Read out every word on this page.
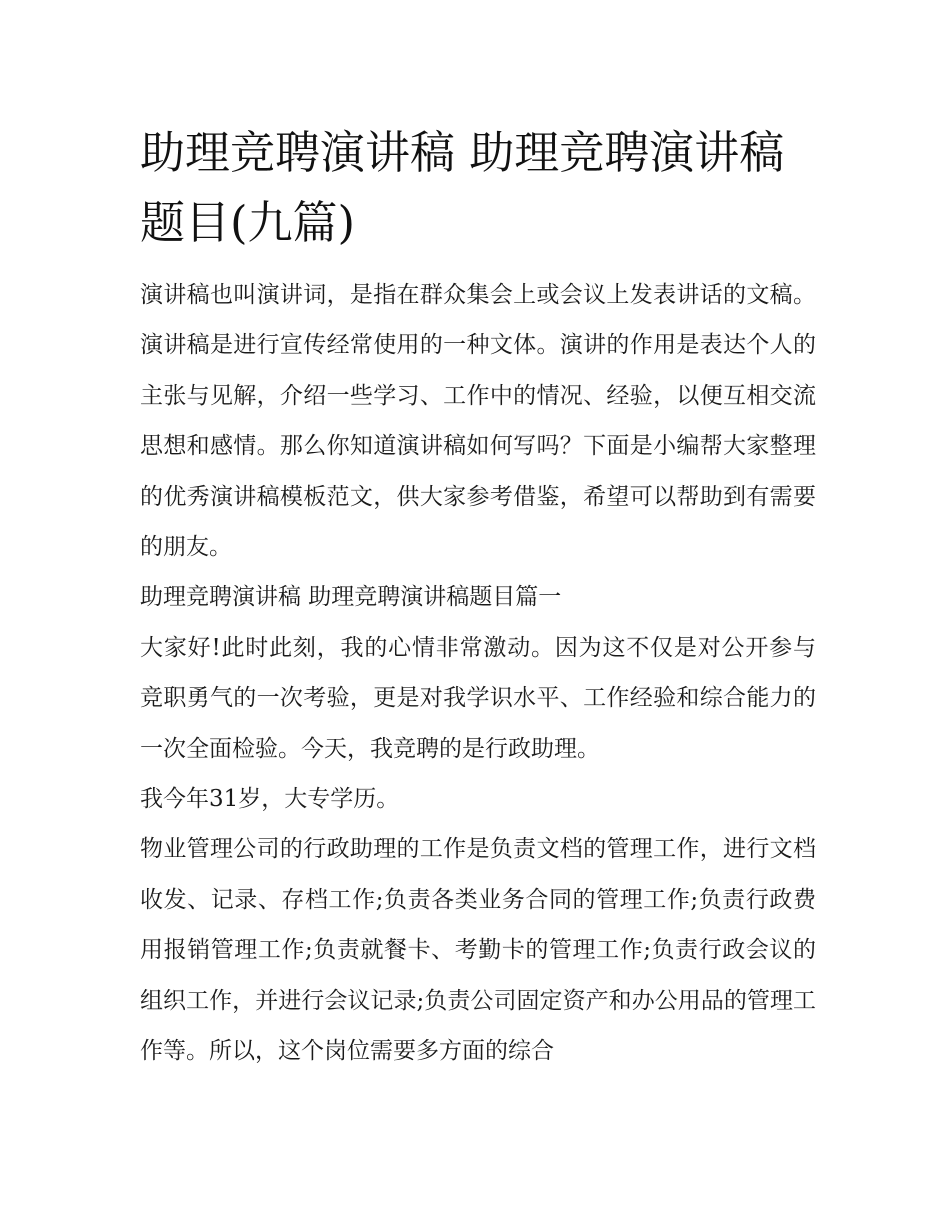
助理竞聘演讲稿 助理竞聘演讲稿题目(九篇)

演讲稿也叫演讲词，是指在群众集会上或会议上发表讲话的文稿。演讲稿是进行宣传经常使用的一种文体。演讲的作用是表达个人的主张与见解，介绍一些学习、工作中的情况、经验，以便互相交流思想和感情。那么你知道演讲稿如何写吗？下面是小编帮大家整理的优秀演讲稿模板范文，供大家参考借鉴，希望可以帮助到有需要的朋友。

助理竞聘演讲稿 助理竞聘演讲稿题目篇一

大家好!此时此刻，我的心情非常激动。因为这不仅是对公开参与竞职勇气的一次考验，更是对我学识水平、工作经验和综合能力的一次全面检验。今天，我竞聘的是行政助理。

我今年31岁，大专学历。

物业管理公司的行政助理的工作是负责文档的管理工作，进行文档收发、记录、存档工作;负责各类业务合同的管理工作;负责行政费用报销管理工作;负责就餐卡、考勤卡的管理工作;负责行政会议的组织工作，并进行会议记录;负责公司固定资产和办公用品的管理工作等。所以，这个岗位需要多方面的综合
